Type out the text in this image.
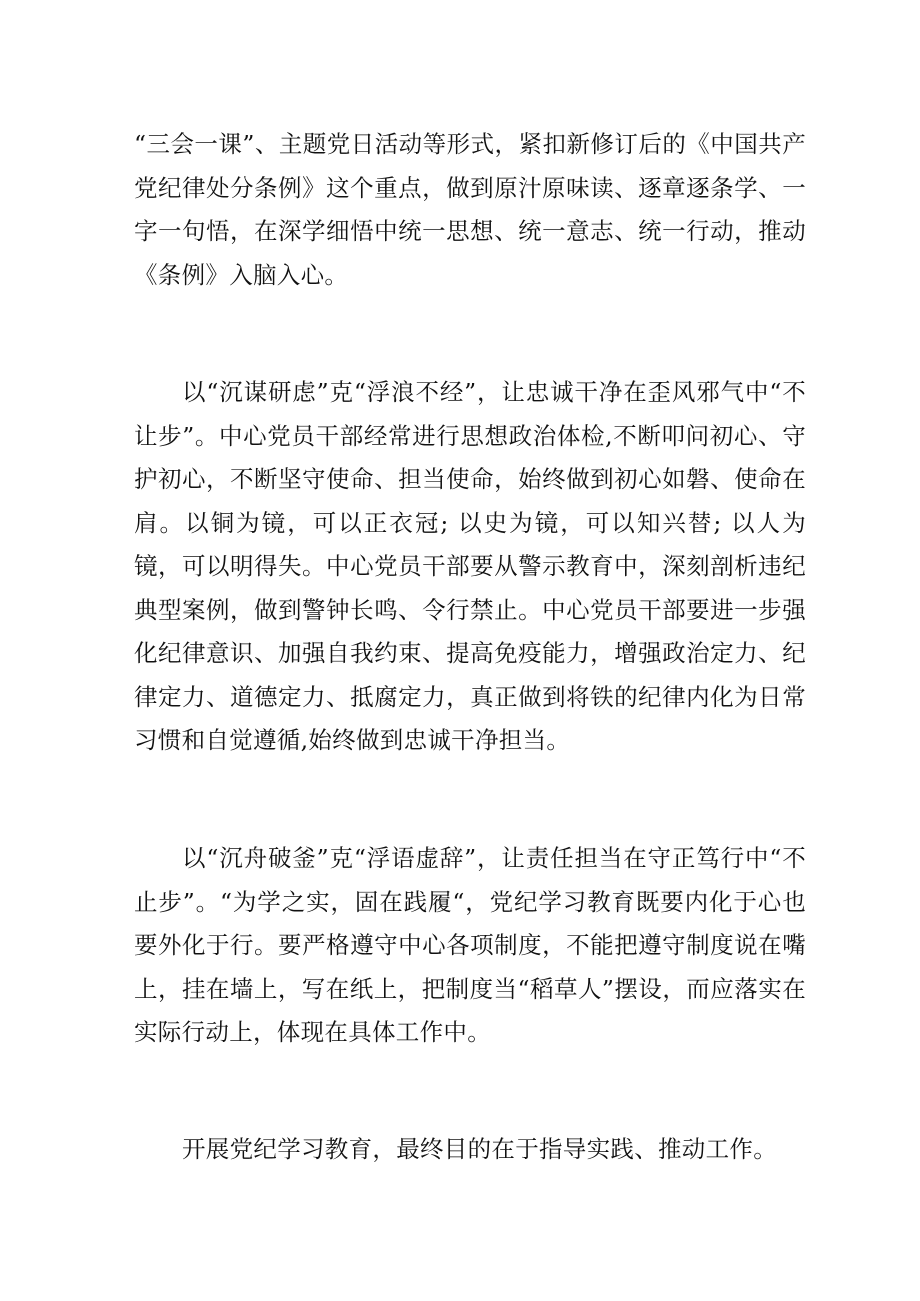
“三会一课”、主题党日活动等形式，紧扣新修订后的《中国共产党纪律处分条例》这个重点，做到原汁原味读、逐章逐条学、一字一句悟，在深学细悟中统一思想、统一意志、统一行动，推动《条例》入脑入心。

以“沉谋研虑”克“浮浪不经”，让忠诚干净在歪风邪气中“不让步”。中心党员干部经常进行思想政治体检,不断叩问初心、守护初心，不断坚守使命、担当使命，始终做到初心如磐、使命在肩。以铜为镜，可以正衣冠; 以史为镜，可以知兴替; 以人为镜，可以明得失。中心党员干部要从警示教育中，深刻剖析违纪典型案例，做到警钟长鸣、令行禁止。中心党员干部要进一步强化纪律意识、加强自我约束、提高免疫能力，增强政治定力、纪律定力、道德定力、抵腐定力，真正做到将铁的纪律内化为日常习惯和自觉遵循,始终做到忠诚干净担当。

以“沉舟破釜”克“浮语虚辞”，让责任担当在守正笃行中“不止步”。“为学之实，固在践履“，党纪学习教育既要内化于心也要外化于行。要严格遵守中心各项制度，不能把遵守制度说在嘴上，挂在墙上，写在纸上，把制度当“稻草人”摆设，而应落实在实际行动上，体现在具体工作中。

开展党纪学习教育，最终目的在于指导实践、推动工作。
